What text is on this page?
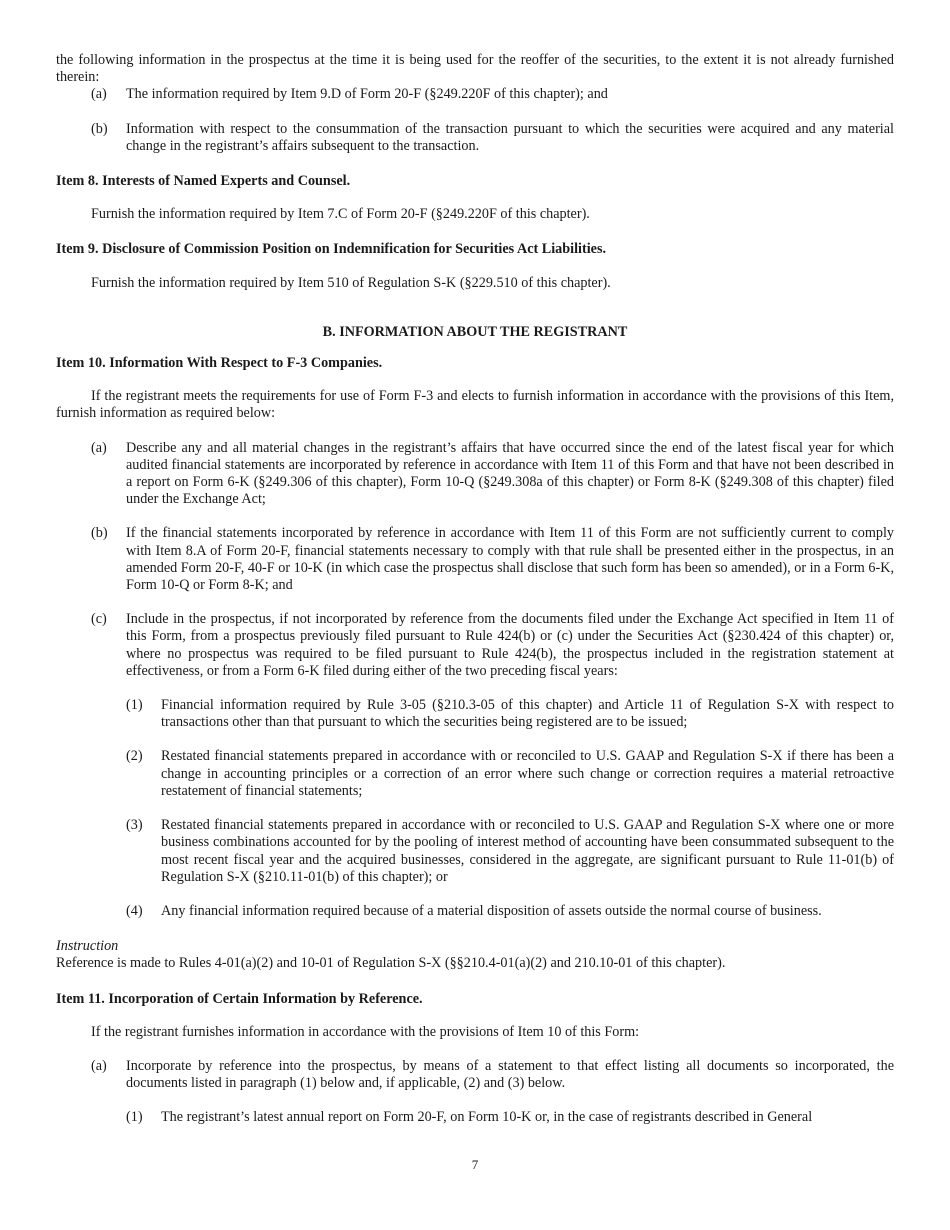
the following information in the prospectus at the time it is being used for the reoffer of the securities, to the extent it is not already furnished therein:

(a)	The information required by Item 9.D of Form 20-F (§249.220F of this chapter); and
(b)	Information with respect to the consummation of the transaction pursuant to which the securities were acquired and any material change in the registrant’s affairs subsequent to the transaction.

Item 8. Interests of Named Experts and Counsel.

Furnish the information required by Item 7.C of Form 20-F (§249.220F of this chapter).

Item 9. Disclosure of Commission Position on Indemnification for Securities Act Liabilities.

Furnish the information required by Item 510 of Regulation S-K (§229.510 of this chapter).

B. INFORMATION ABOUT THE REGISTRANT

Item 10. Information With Respect to F-3 Companies.

If the registrant meets the requirements for use of Form F-3 and elects to furnish information in accordance with the provisions of this Item, furnish information as required below:

(a)	Describe any and all material changes in the registrant’s affairs that have occurred since the end of the latest fiscal year for which audited financial statements are incorporated by reference in accordance with Item 11 of this Form and that have not been described in a report on Form 6-K (§249.306 of this chapter), Form 10-Q (§249.308a of this chapter) or Form 8-K (§249.308 of this chapter) filed under the Exchange Act;
(b)	If the financial statements incorporated by reference in accordance with Item 11 of this Form are not sufficiently current to comply with Item 8.A of Form 20-F, financial statements necessary to comply with that rule shall be presented either in the prospectus, in an amended Form 20-F, 40-F or 10-K (in which case the prospectus shall disclose that such form has been so amended), or in a Form 6-K, Form 10-Q or Form 8-K; and
(c)	Include in the prospectus, if not incorporated by reference from the documents filed under the Exchange Act specified in Item 11 of this Form, from a prospectus previously filed pursuant to Rule 424(b) or (c) under the Securities Act (§230.424 of this chapter) or, where no prospectus was required to be filed pursuant to Rule 424(b), the prospectus included in the registration statement at effectiveness, or from a Form 6-K filed during either of the two preceding fiscal years:
(1)	Financial information required by Rule 3-05 (§210.3-05 of this chapter) and Article 11 of Regulation S-X with respect to transactions other than that pursuant to which the securities being registered are to be issued;
(2)	Restated financial statements prepared in accordance with or reconciled to U.S. GAAP and Regulation S-X if there has been a change in accounting principles or a correction of an error where such change or correction requires a material retroactive restatement of financial statements;
(3)	Restated financial statements prepared in accordance with or reconciled to U.S. GAAP and Regulation S-X where one or more business combinations accounted for by the pooling of interest method of accounting have been consummated subsequent to the most recent fiscal year and the acquired businesses, considered in the aggregate, are significant pursuant to Rule 11-01(b) of Regulation S-X (§210.11-01(b) of this chapter); or
(4)	Any financial information required because of a material disposition of assets outside the normal course of business.

Instruction

Reference is made to Rules 4-01(a)(2) and 10-01 of Regulation S-X (§§210.4-01(a)(2) and 210.10-01 of this chapter).

Item 11. Incorporation of Certain Information by Reference.

If the registrant furnishes information in accordance with the provisions of Item 10 of this Form:

(a)	Incorporate by reference into the prospectus, by means of a statement to that effect listing all documents so incorporated, the documents listed in paragraph (1) below and, if applicable, (2) and (3) below.
(1)	The registrant’s latest annual report on Form 20-F, on Form 10-K or, in the case of registrants described in General
7
